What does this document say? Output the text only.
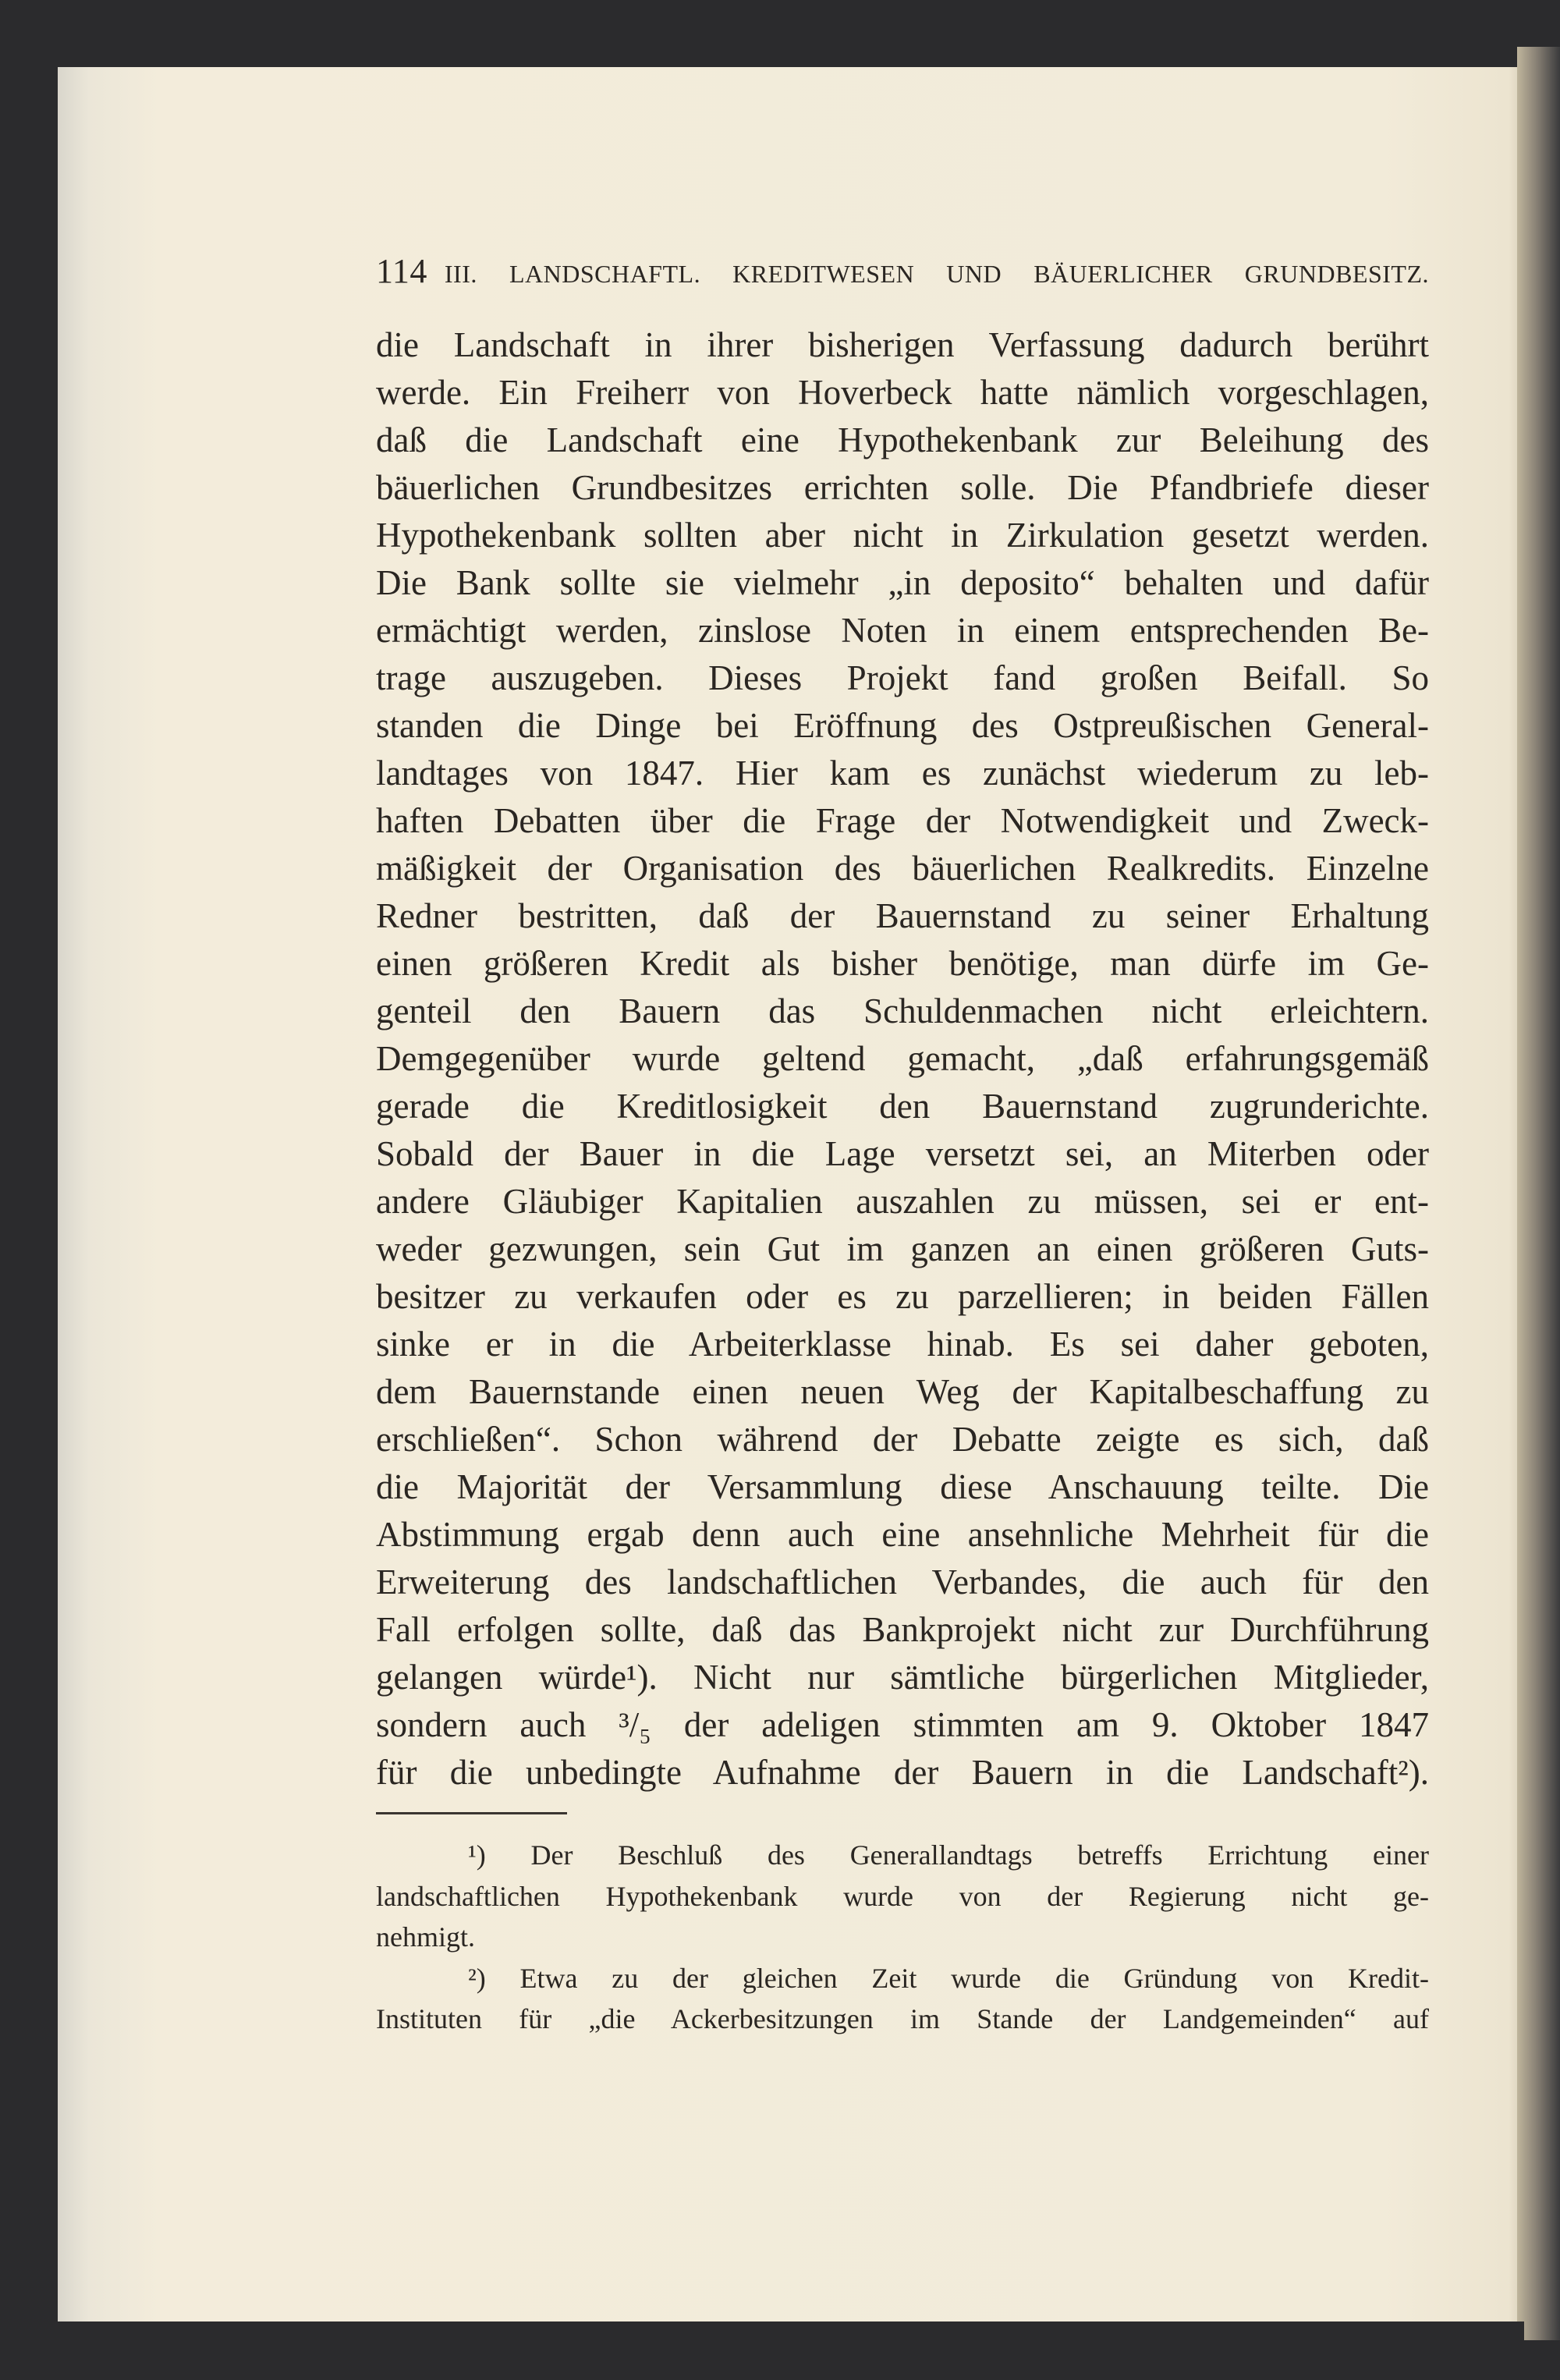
114 III. LANDSCHAFTL. KREDITWESEN UND BÄUERLICHER GRUNDBESITZ.
die Landschaft in ihrer bisherigen Verfassung dadurch berührt
werde. Ein Freiherr von Hoverbeck hatte nämlich vorgeschlagen,
daß die Landschaft eine Hypothekenbank zur Beleihung des
bäuerlichen Grundbesitzes errichten solle. Die Pfandbriefe dieser
Hypothekenbank sollten aber nicht in Zirkulation gesetzt werden.
Die Bank sollte sie vielmehr „in deposito“ behalten und dafür
ermächtigt werden, zinslose Noten in einem entsprechenden Be-
trage auszugeben. Dieses Projekt fand großen Beifall. So
standen die Dinge bei Eröffnung des Ostpreußischen General-
landtages von 1847. Hier kam es zunächst wiederum zu leb-
haften Debatten über die Frage der Notwendigkeit und Zweck-
mäßigkeit der Organisation des bäuerlichen Realkredits. Einzelne
Redner bestritten, daß der Bauernstand zu seiner Erhaltung
einen größeren Kredit als bisher benötige, man dürfe im Ge-
genteil den Bauern das Schuldenmachen nicht erleichtern.
Demgegenüber wurde geltend gemacht, „daß erfahrungsgemäß
gerade die Kreditlosigkeit den Bauernstand zugrunderichte.
Sobald der Bauer in die Lage versetzt sei, an Miterben oder
andere Gläubiger Kapitalien auszahlen zu müssen, sei er ent-
weder gezwungen, sein Gut im ganzen an einen größeren Guts-
besitzer zu verkaufen oder es zu parzellieren; in beiden Fällen
sinke er in die Arbeiterklasse hinab. Es sei daher geboten,
dem Bauernstande einen neuen Weg der Kapitalbeschaffung zu
erschließen“. Schon während der Debatte zeigte es sich, daß
die Majorität der Versammlung diese Anschauung teilte. Die
Abstimmung ergab denn auch eine ansehnliche Mehrheit für die
Erweiterung des landschaftlichen Verbandes, die auch für den
Fall erfolgen sollte, daß das Bankprojekt nicht zur Durchführung
gelangen würde¹). Nicht nur sämtliche bürgerlichen Mitglieder,
sondern auch ³/₅ der adeligen stimmten am 9. Oktober 1847
für die unbedingte Aufnahme der Bauern in die Landschaft²).
¹) Der Beschluß des Generallandtags betreffs Errichtung einer
landschaftlichen Hypothekenbank wurde von der Regierung nicht ge-
nehmigt.
²) Etwa zu der gleichen Zeit wurde die Gründung von Kredit-
Instituten für „die Ackerbesitzungen im Stande der Landgemeinden“ auf
